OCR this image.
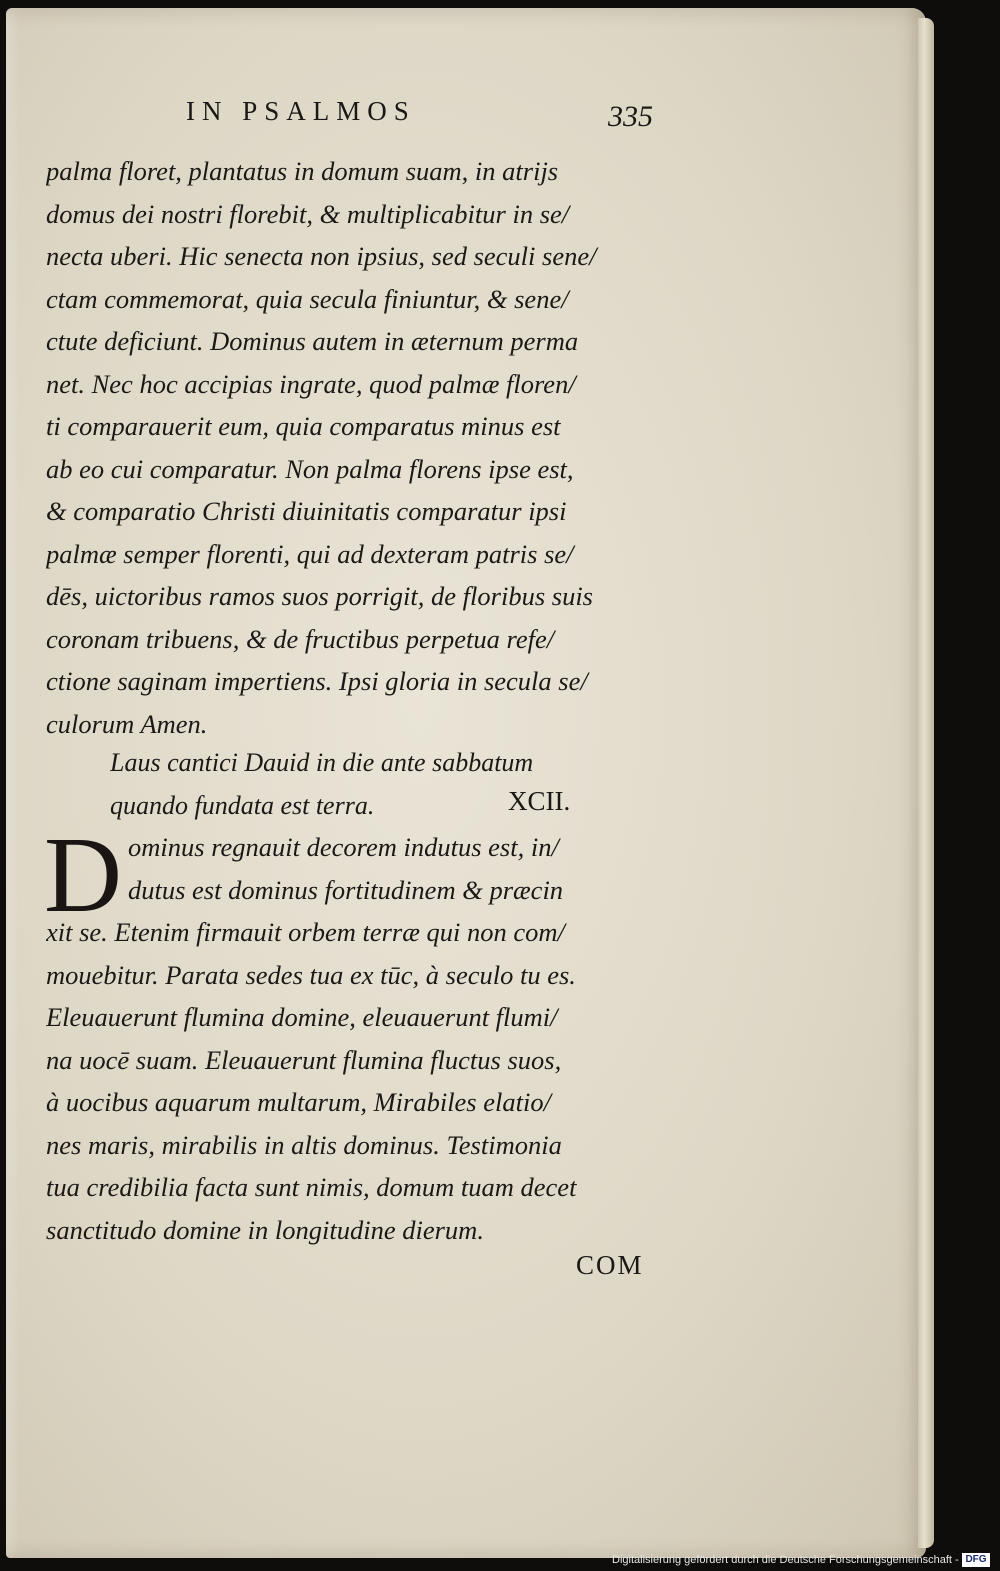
IN PSALMOS	335
palma floret, plantatus in domum suam, in atrijs
domus dei nostri florebit, & multiplicabitur in se/
necta uberi. Hic senecta non ipsius, sed seculi sene/
ctam commemorat, quia secula finiuntur, & sene/
ctute deficiunt. Dominus autem in æternum perma
net. Nec hoc accipias ingrate, quod palmæ floren/
ti comparauerit eum, quia comparatus minus est
ab eo cui comparatur. Non palma florens ipse est,
& comparatio Christi diuinitatis comparatur ipsi
palmæ semper florenti, qui ad dexteram patris se/
dēs, uictoribus ramos suos porrigit, de floribus suis
coronam tribuens, & de fructibus perpetua refe/
ctione saginam impertiens. Ipsi gloria in secula se/
culorum Amen.
Laus cantici Dauid in die ante sabbatum
quando fundata est terra.	XCII.
D ominus regnauit decorem indutus est, in/
dutus est dominus fortitudinem & præcin
xit se. Etenim firmauit orbem terræ qui non com/
mouebitur. Parata sedes tua ex tūc, à seculo tu es.
Eleuauerunt flumina domine, eleuauerunt flumi/
na uocē suam. Eleuauerunt flumina fluctus suos,
à uocibus aquarum multarum, Mirabiles elatio/
nes maris, mirabilis in altis dominus. Testimonia
tua credibilia facta sunt nimis, domum tuam decet
sanctitudo domine in longitudine dierum.
COM
Digitalisierung gefördert durch die Deutsche Forschungsgemeinschaft - DFG
